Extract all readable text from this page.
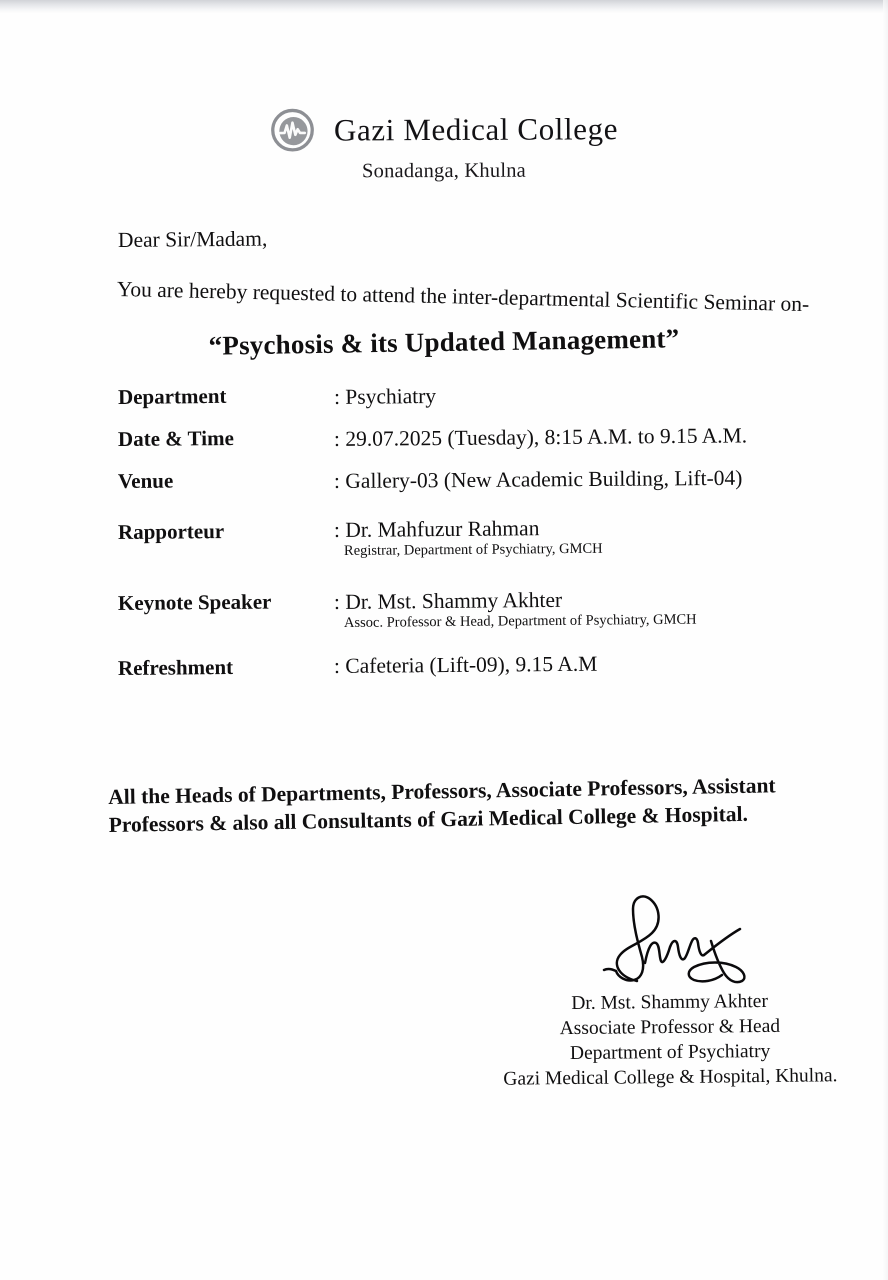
Gazi Medical College
Sonadanga, Khulna
Dear Sir/Madam,
You are hereby requested to attend the inter-departmental Scientific Seminar on-
“Psychosis & its Updated Management”
Department	: Psychiatry
Date & Time	: 29.07.2025 (Tuesday), 8:15 A.M. to 9.15 A.M.
Venue	: Gallery-03 (New Academic Building, Lift-04)
Rapporteur	: Dr. Mahfuzur Rahman
Registrar, Department of Psychiatry, GMCH
Keynote Speaker	: Dr. Mst. Shammy Akhter
Assoc. Professor & Head, Department of Psychiatry, GMCH
Refreshment	: Cafeteria (Lift-09), 9.15 A.M
All the Heads of Departments, Professors, Associate Professors, Assistant Professors & also all Consultants of Gazi Medical College & Hospital.
Dr. Mst. Shammy Akhter
Associate Professor & Head
Department of Psychiatry
Gazi Medical College & Hospital, Khulna.
